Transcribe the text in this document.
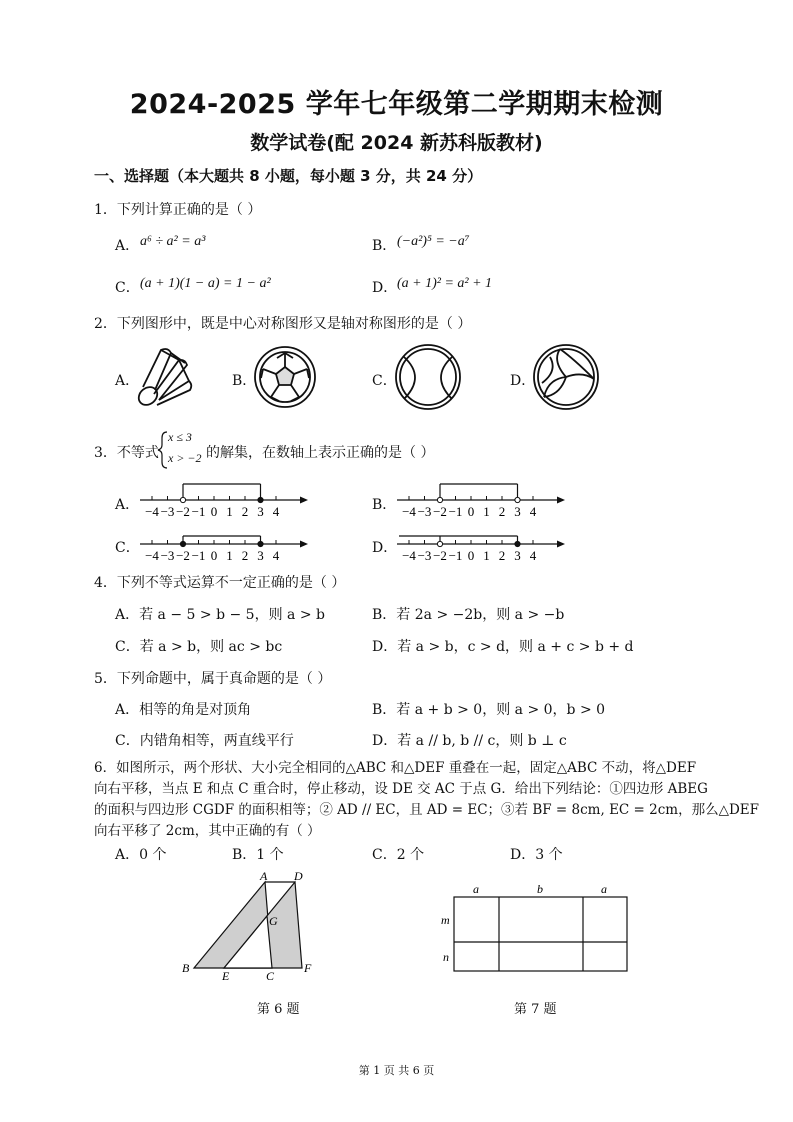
2024-2025 学年七年级第二学期期末检测
数学试卷(配 2024 新苏科版教材)
一、选择题（本大题共 8 小题，每小题 3 分，共 24 分）
1．下列计算正确的是（ ）
A． a⁶ ÷ a² = a³	B． (−a²)⁵ = −a⁷
C． (a + 1)(1 − a) = 1 − a²	D． (a + 1)² = a² + 1
2．下列图形中，既是中心对称图形又是轴对称图形的是（ ）
A．	B．	C．	D．
3．不等式
x ≤ 3
x > −2 的解集，在数轴上表示正确的是（ ）
A．	B．
C．	D．
−4 −3 −2 −1 0 1 2 3 4	−4 −3 −2 −1 0 1 2 3 4
−4 −3 −2 −1 0 1 2 3 4	−4 −3 −2 −1 0 1 2 3 4
4．下列不等式运算不一定正确的是（ ）
A．若 a − 5 > b − 5，则 a > b	B．若 2a > −2b，则 a > −b
C．若 a > b，则 ac > bc	D．若 a > b，c > d，则 a + c > b + d
5．下列命题中，属于真命题的是（ ）
A．相等的角是对顶角	B．若 a + b > 0，则 a > 0，b > 0
C．内错角相等，两直线平行	D．若 a // b, b // c，则 b ⊥ c
6．如图所示，两个形状、大小完全相同的△ABC 和△DEF 重叠在一起，固定△ABC 不动，将△DEF
向右平移，当点 E 和点 C 重合时，停止移动，设 DE 交 AC 于点 G．给出下列结论：①四边形 ABEG
的面积与四边形 CGDF 的面积相等；② AD // EC，且 AD = EC；③若 BF = 8cm, EC = 2cm，那么△DEF
向右平移了 2cm，其中正确的有（ ）
A．0 个	B．1 个	C．2 个	D．3 个
A D
G
B
E	C
F
第 6 题
a	b	a
m
n
第 7 题
第 1 页 共 6 页
